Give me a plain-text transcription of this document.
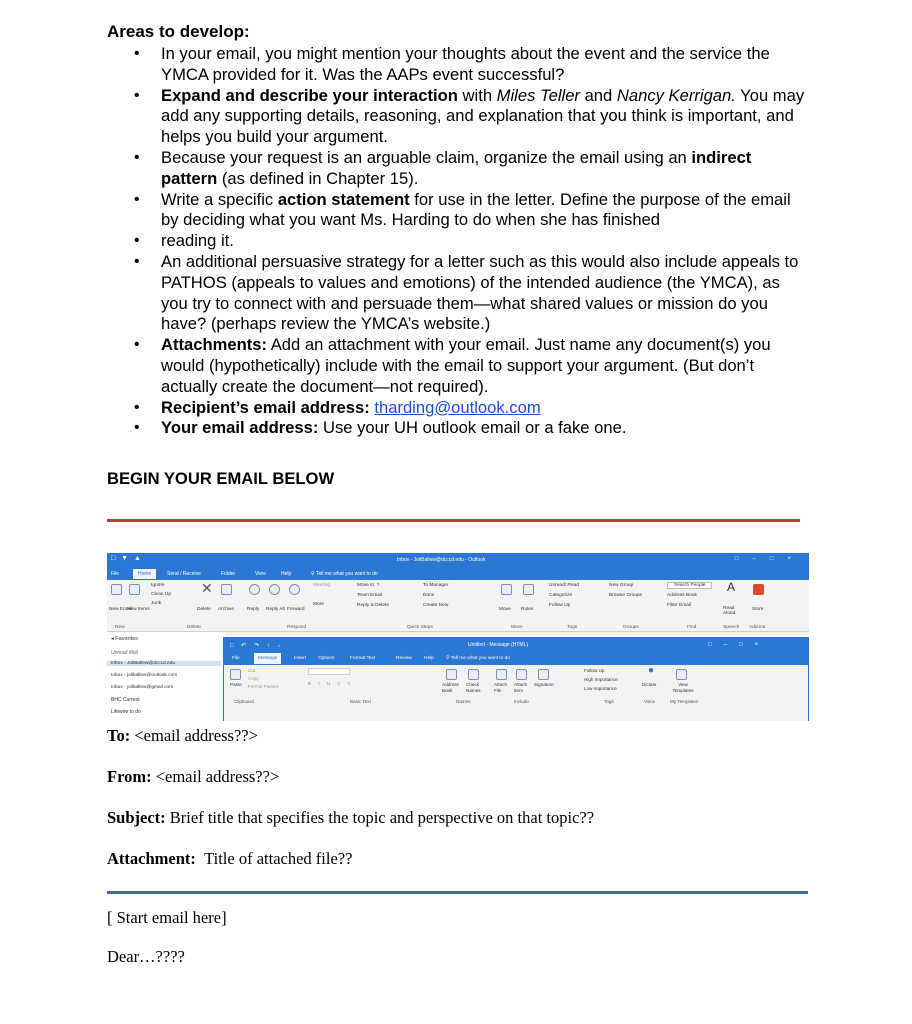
Areas to develop:

• In your email, you might mention your thoughts about the event and the service the YMCA provided for it. Was the AAPs event successful?
• Expand and describe your interaction with Miles Teller and Nancy Kerrigan. You may add any supporting details, reasoning, and explanation that you think is important, and helps you build your argument.
• Because your request is an arguable claim, organize the email using an indirect pattern (as defined in Chapter 15).
• Write a specific action statement for use in the letter. Define the purpose of the email by deciding what you want Ms. Harding to do when she has finished
• reading it.
• An additional persuasive strategy for a letter such as this would also include appeals to PATHOS (appeals to values and emotions) of the intended audience (the YMCA), as you try to connect with and persuade them—what shared values or mission do you have? (perhaps review the YMCA’s website.)
• Attachments: Add an attachment with your email. Just name any document(s) you would (hypothetically) include with the email to support your argument. (But don’t actually create the document—not required).
• Recipient’s email address: tharding@outlook.com
• Your email address: Use your UH outlook email or a fake one.

BEGIN YOUR EMAIL BELOW

□ ▼ ▲	Inbox - JoliBallew@dcccd.edu - Outlook	□–□×
File	Home	Send / Receive	Folder	View	Help	⚲ Tell me what you want to do
New Email
New Items
Ignore
Clean Up
Junk
✕
Delete Archive	Reply Reply All Forward
Meeting
More
Move to: ?
Team Email
Reply & Delete
To Manager
Done
Create New
Move Rules
Unread/ Read
Categorize
Follow Up
New Group
Browse Groups
Search People
Address Book
Filter Email
A
Read Aloud
Store
New	Delete	Respond	Quick Steps	Move	Tags	Groups	Find	Speech Add-ins
◂ Favorites
Unread Mail
Inbox - JoliBallew@dcccd.edu
Inbox - joliballew@outlook.com
Inbox - joliballew@gmail.com
BHC Current
Lifewire to do
□ ↶ ↷ ↑ ↓	Untitled - Message (HTML)	□–□×
File	Message	Insert	Options	Format Text	Review	Help	⚲ Tell me what you want to do
Paste
Cut
Copy
Format Painter
B I U ≡ ≡	Address Book
Check Names
Attach File
Attach Item
Signature
Follow Up
High Importance
Low Importance
●
Dictate	View Templates
Clipboard	Basic Text	Names	Include	Tags	Voice	My Templates

To: <email address??>

From: <email address??>

Subject: Brief title that specifies the topic and perspective on that topic??

Attachment: Title of attached file??

[ Start email here]

Dear…????
